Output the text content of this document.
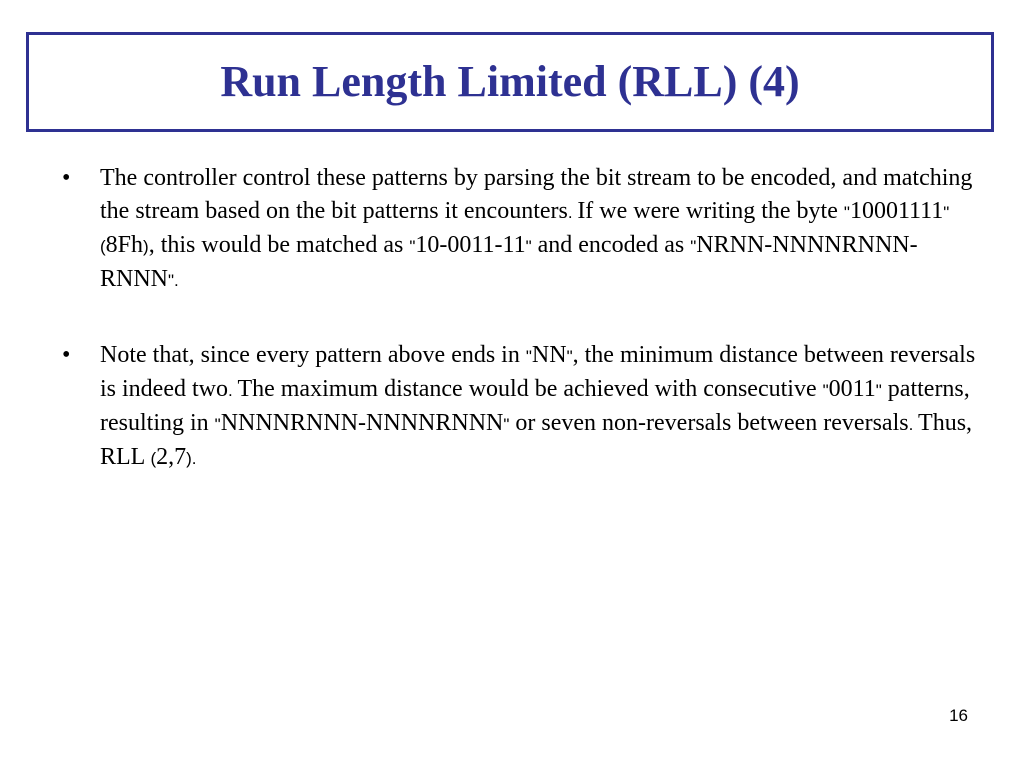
Run Length Limited (RLL) (4)
•	The controller control these patterns by parsing the bit stream to be encoded, and matching the stream based on the bit patterns it encounters. If we were writing the byte "10001111" (8Fh), this would be matched as "10-0011-11" and encoded as "NRNN-NNNNRNNN-RNNN".
•	Note that, since every pattern above ends in "NN", the minimum distance between reversals is indeed two. The maximum distance would be achieved with consecutive "0011" patterns, resulting in "NNNNRNNN-NNNNRNNN" or seven non-reversals between reversals. Thus, RLL (2,7).
16
